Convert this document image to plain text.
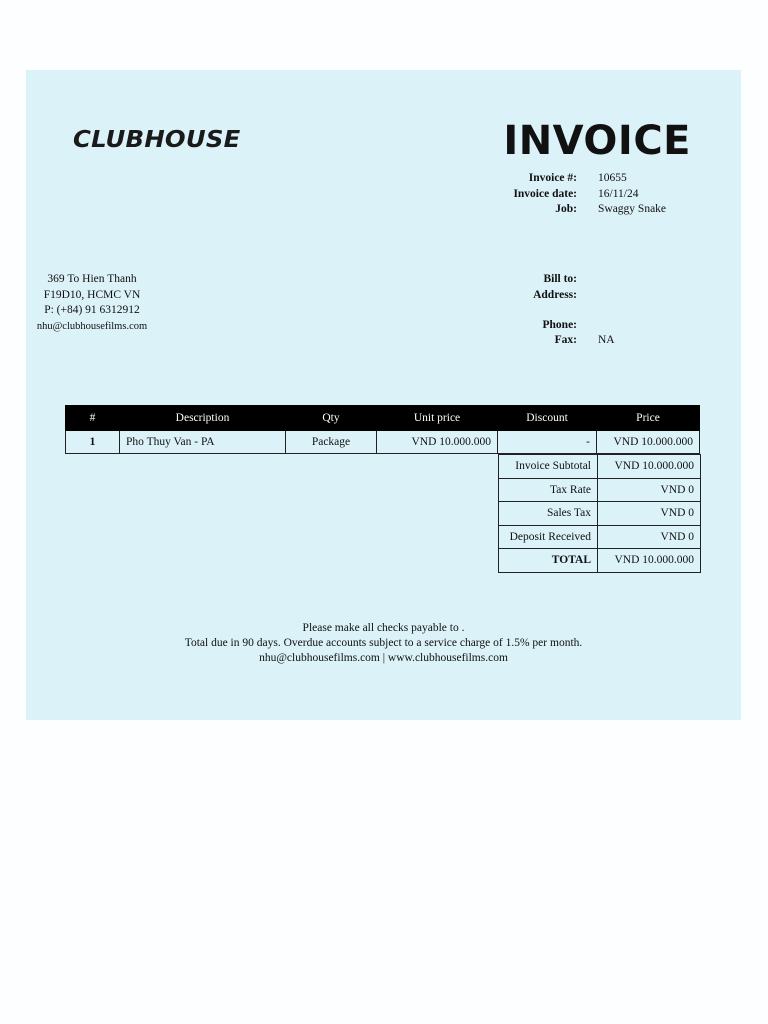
CLUBHOUSE	INVOICE
Invoice #: 10655
Invoice date: 16/11/24
Job: Swaggy Snake
369 To Hien Thanh
F19D10, HCMC VN
P: (+84) 91 6312912
nhu@clubhousefilms.com
Bill to:
Address:
Phone:
Fax: NA
#	Description	Qty	Unit price	Discount	Price
1	Pho Thuy Van - PA	Package	VND 10.000.000	-	VND 10.000.000
Invoice Subtotal	VND 10.000.000
Tax Rate	VND 0
Sales Tax	VND 0
Deposit Received	VND 0
TOTAL	VND 10.000.000
Please make all checks payable to .
Total due in 90 days. Overdue accounts subject to a service charge of 1.5% per month.
nhu@clubhousefilms.com | www.clubhousefilms.com
